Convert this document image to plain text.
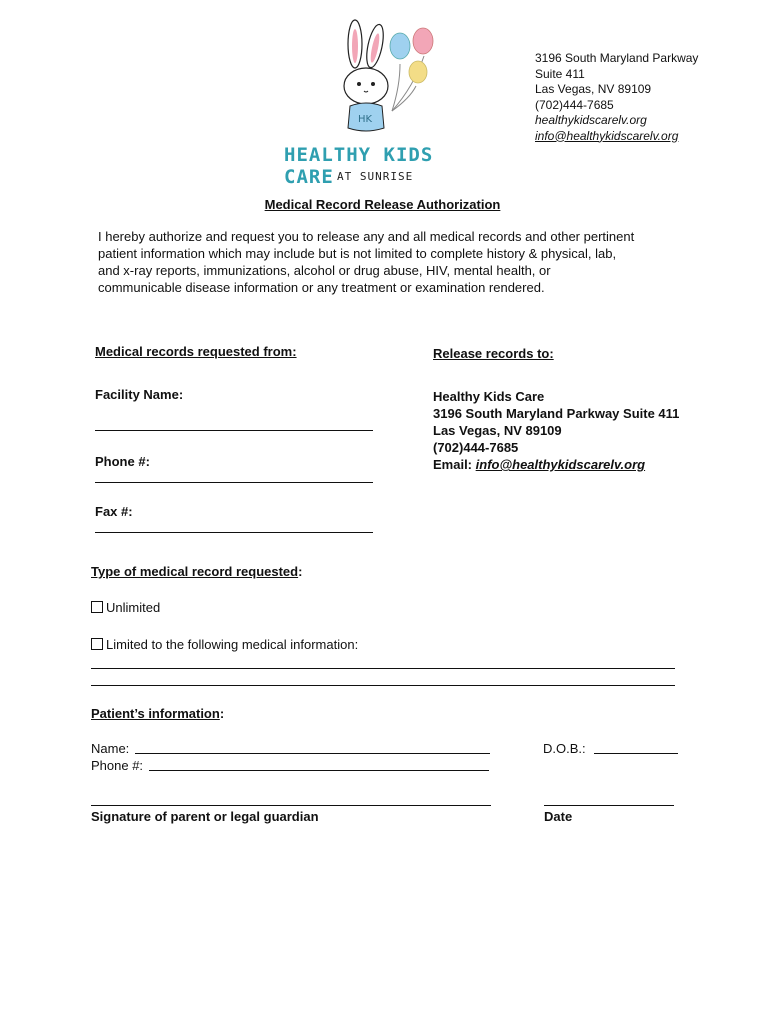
HK
HEALTHY KIDS CARE AT SUNRISE
3196 South Maryland Parkway
Suite 411
Las Vegas, NV 89109
(702)444-7685
healthykidscarelv.org
info@healthykidscarelv.org
Medical Record Release Authorization
I hereby authorize and request you to release any and all medical records and other pertinent
patient information which may include but is not limited to complete history & physical, lab,
and x-ray reports, immunizations, alcohol or drug abuse, HIV, mental health, or
communicable disease information or any treatment or examination rendered.
Medical records requested from:
Facility Name:
Phone #:
Fax #:
Release records to:
Healthy Kids Care
3196 South Maryland Parkway Suite 411
Las Vegas, NV 89109
(702)444-7685
Email: info@healthykidscarelv.org
Type of medical record requested:
Unlimited
Limited to the following medical information:
Patient’s information:
Name:
Phone #:
D.O.B.:
Signature of parent or legal guardian	Date
